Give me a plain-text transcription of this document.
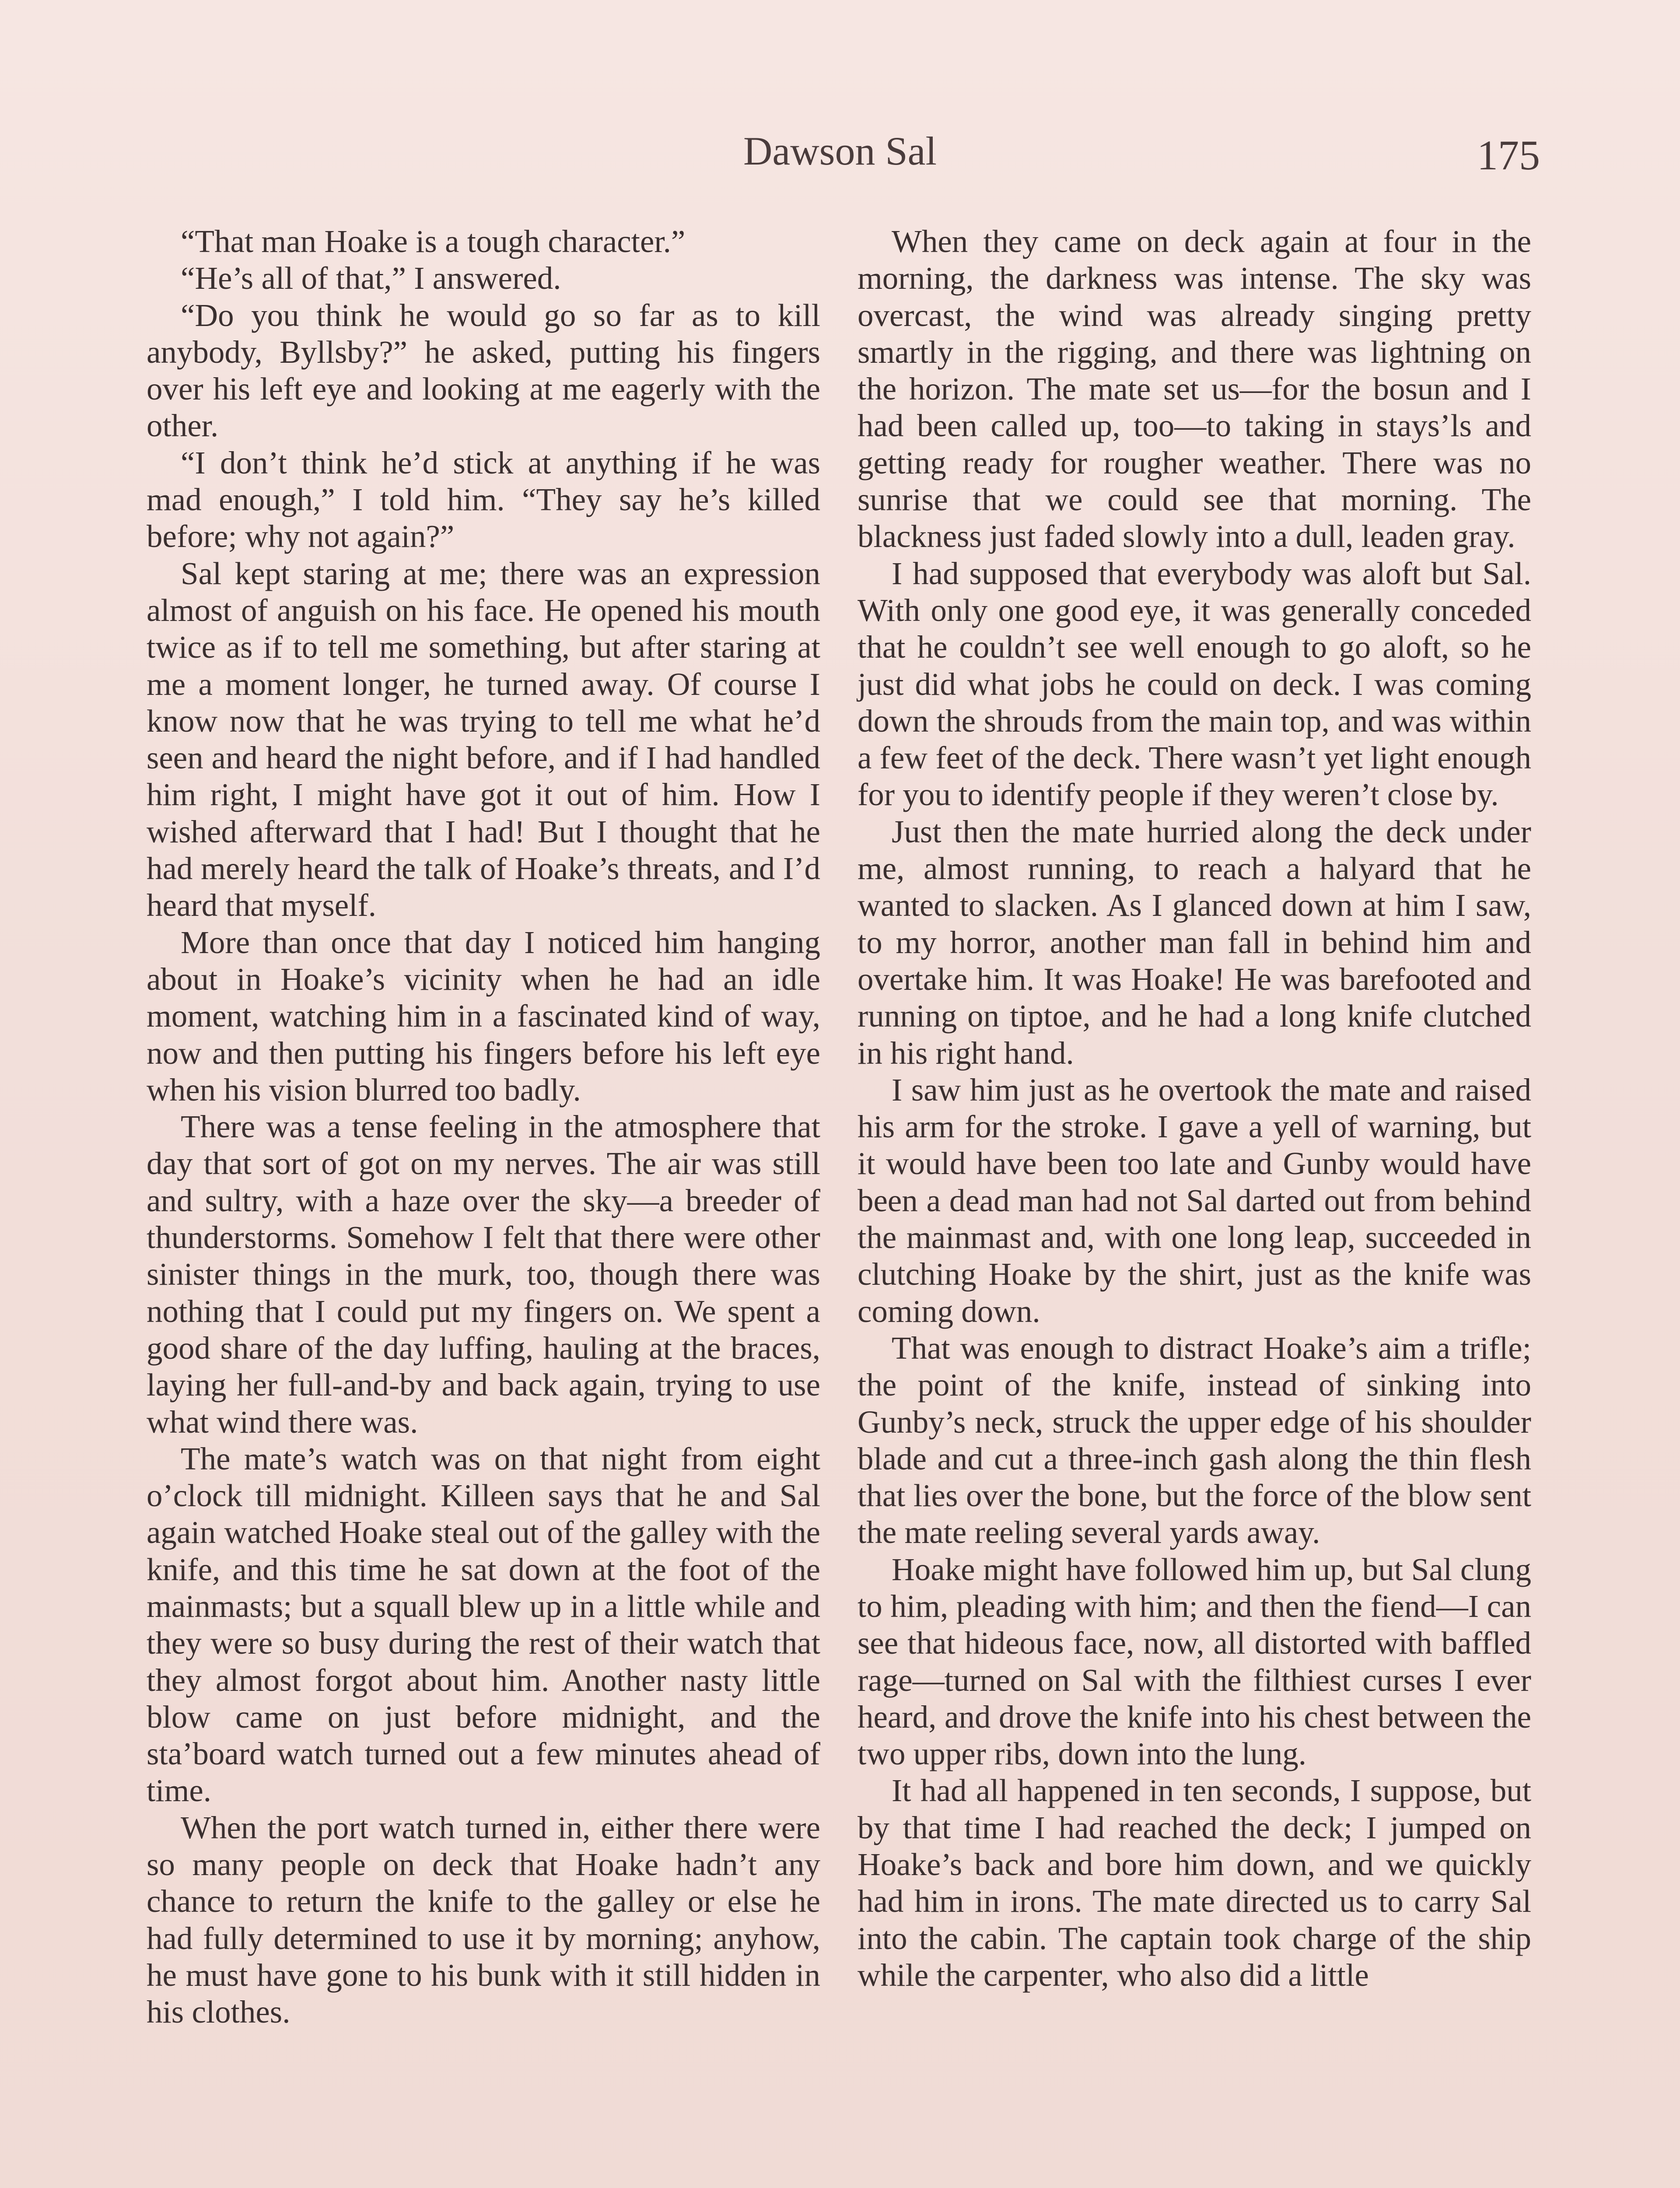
Dawson Sal	175

“That man Hoake is a tough character.”

“He’s all of that,” I answered.

“Do you think he would go so far as to kill anybody, Byllsby?” he asked, putting his fingers over his left eye and looking at me eagerly with the other.

“I don’t think he’d stick at anything if he was mad enough,” I told him. “They say he’s killed before; why not again?”

Sal kept staring at me; there was an expression almost of anguish on his face. He opened his mouth twice as if to tell me something, but after staring at me a moment longer, he turned away. Of course I know now that he was trying to tell me what he’d seen and heard the night before, and if I had handled him right, I might have got it out of him. How I wished afterward that I had! But I thought that he had merely heard the talk of Hoake’s threats, and I’d heard that myself.

More than once that day I noticed him hanging about in Hoake’s vicinity when he had an idle moment, watching him in a fascinated kind of way, now and then putting his fingers before his left eye when his vision blurred too badly.

There was a tense feeling in the atmosphere that day that sort of got on my nerves. The air was still and sultry, with a haze over the sky—a breeder of thunderstorms. Somehow I felt that there were other sinister things in the murk, too, though there was nothing that I could put my fingers on. We spent a good share of the day luffing, hauling at the braces, laying her full-and-by and back again, trying to use what wind there was.

The mate’s watch was on that night from eight o’clock till midnight. Killeen says that he and Sal again watched Hoake steal out of the galley with the knife, and this time he sat down at the foot of the mainmasts; but a squall blew up in a little while and they were so busy during the rest of their watch that they almost forgot about him. Another nasty little blow came on just before midnight, and the sta’board watch turned out a few minutes ahead of time.

When the port watch turned in, either there were so many people on deck that Hoake hadn’t any chance to return the knife to the galley or else he had fully determined to use it by morning; anyhow, he must have gone to his bunk with it still hidden in his clothes.

When they came on deck again at four in the morning, the darkness was intense. The sky was overcast, the wind was already singing pretty smartly in the rigging, and there was lightning on the horizon. The mate set us—for the bosun and I had been called up, too—to taking in stays’ls and getting ready for rougher weather. There was no sunrise that we could see that morning. The blackness just faded slowly into a dull, leaden gray.

I had supposed that everybody was aloft but Sal. With only one good eye, it was generally conceded that he couldn’t see well enough to go aloft, so he just did what jobs he could on deck. I was coming down the shrouds from the main top, and was within a few feet of the deck. There wasn’t yet light enough for you to identify people if they weren’t close by.

Just then the mate hurried along the deck under me, almost running, to reach a halyard that he wanted to slacken. As I glanced down at him I saw, to my horror, another man fall in behind him and overtake him. It was Hoake! He was barefooted and running on tiptoe, and he had a long knife clutched in his right hand.

I saw him just as he overtook the mate and raised his arm for the stroke. I gave a yell of warning, but it would have been too late and Gunby would have been a dead man had not Sal darted out from behind the mainmast and, with one long leap, succeeded in clutching Hoake by the shirt, just as the knife was coming down.

That was enough to distract Hoake’s aim a trifle; the point of the knife, instead of sinking into Gunby’s neck, struck the upper edge of his shoulder blade and cut a three-inch gash along the thin flesh that lies over the bone, but the force of the blow sent the mate reeling several yards away.

Hoake might have followed him up, but Sal clung to him, pleading with him; and then the fiend—I can see that hideous face, now, all distorted with baffled rage—turned on Sal with the filthiest curses I ever heard, and drove the knife into his chest between the two upper ribs, down into the lung.

It had all happened in ten seconds, I suppose, but by that time I had reached the deck; I jumped on Hoake’s back and bore him down, and we quickly had him in irons. The mate directed us to carry Sal into the cabin. The captain took charge of the ship while the carpenter, who also did a little
